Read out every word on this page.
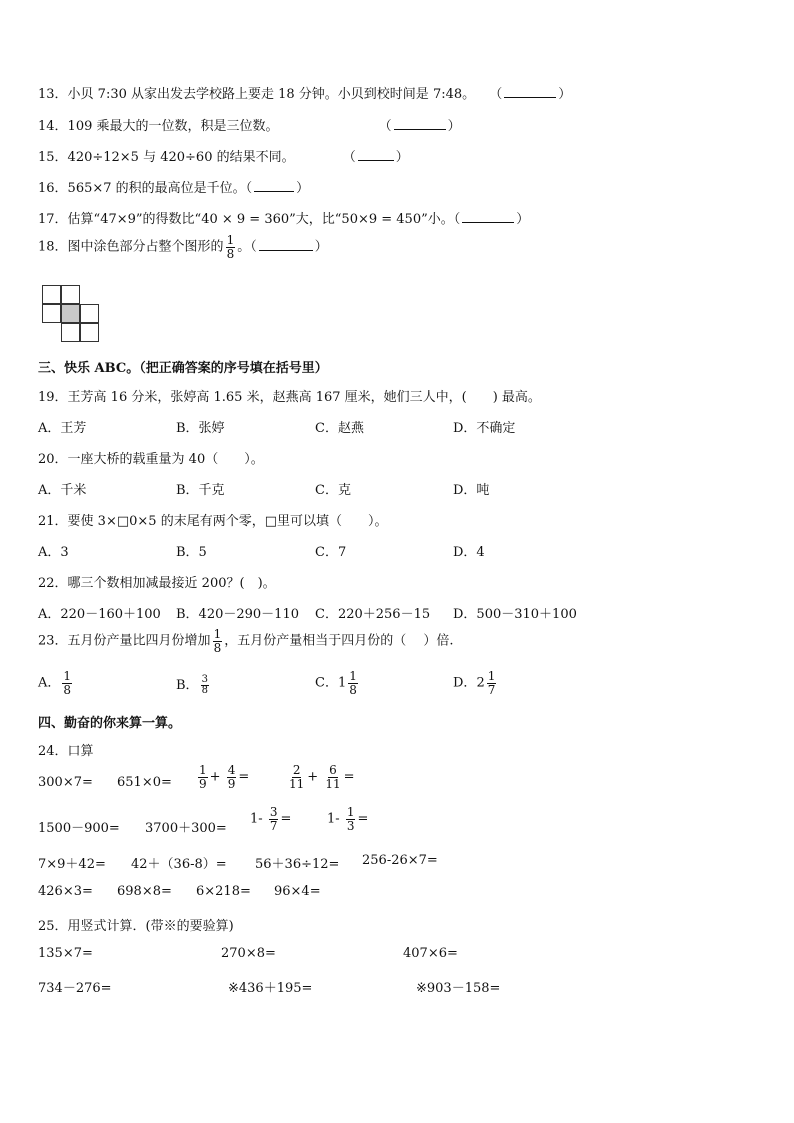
13．小贝 7:30 从家出发去学校路上要走 18 分钟。小贝到校时间是 7:48。 （	）
14．109 乘最大的一位数，积是三位数。	（	）
15．420÷12×5 与 420÷60 的结果不同。	（	）
16．565×7 的积的最高位是千位。（	）
17．估算“47×9”的得数比“40 × 9 = 360”大，比“50×9 = 450”小。（	）
18．图中涂色部分占整个图形的 $\frac{1}{8}$ 。（	）
三、快乐 ABC。（把正确答案的序号填在括号里）
19．王芳高 16 分米，张婷高 1.65 米，赵燕高 167 厘米，她们三人中，(　　) 最高。
A．王芳	B．张婷	C．赵燕	D．不确定
20．一座大桥的载重量为 40（　　）。
A．千米	B．千克	C．克	D．吨
21．要使 3×□0×5 的末尾有两个零，□里可以填（　　）。
A．3	B．5	C．7	D．4
22．哪三个数相加减最接近 200？(　)。
A．220－160＋100 B．420－290－110 C．220＋256－15 D．500－310＋100
23．五月份产量比四月份增加 $\frac{1}{8}$ ，五月份产量相当于四月份的（　 ）倍.
A． $\frac{1}{8}$	B． $\frac{3}{8}$	C．$1 \frac{1}{8}$	D．$2 \frac{1}{7}$
四、勤奋的你来算一算。
24．口算
$300\times 7= 651\times 0= \frac{1}{9} + \frac{4}{9}$ =	$\frac{2}{11} + \frac{6}{11}$ =
1500－900= 3700＋300=
$1- \frac{3}{7}$ =	$1- \frac{1}{3}$ =
7×9＋42= 42＋（36-8）= 56＋36÷12= 256-26×7=
426×3= 698×8= 6×218= 96×4=
25．用竖式计算．(带※的要验算)
135×7=	270×8=	407×6=
734－276=	※436＋195=	※903－158=
